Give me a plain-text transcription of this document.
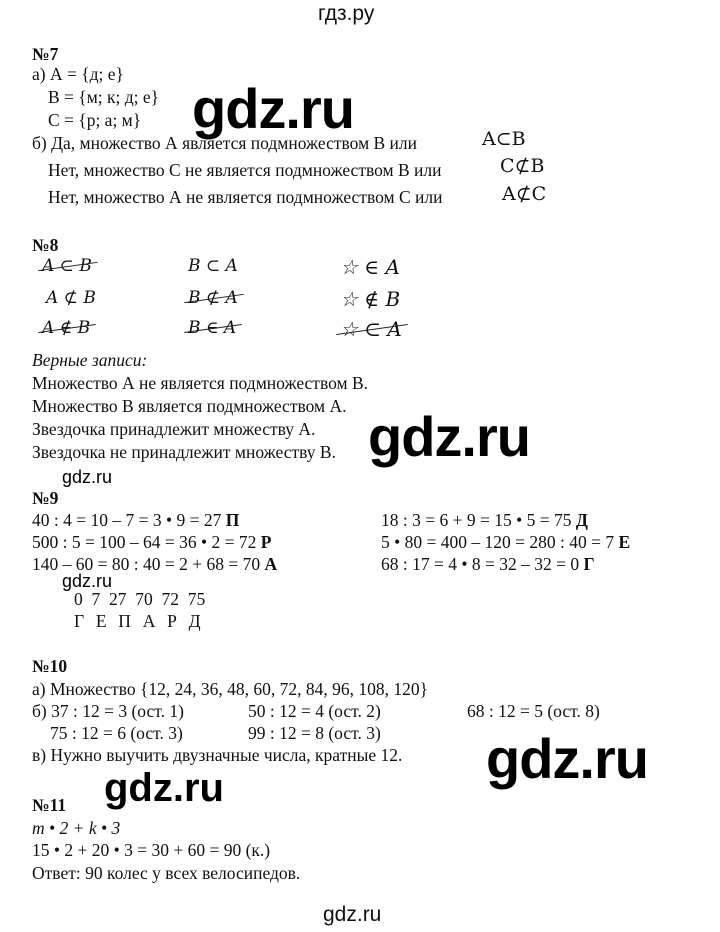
гдз.ру
№7
а) А = {д; е}
В = {м; к; д; е}
С = {р; а; м}
б) Да, множество А является подмножеством В или	A⊂B
Нет, множество С не является подмножеством В или	C⊄B
Нет, множество А не является подмножеством С или	A⊄C
gdz.ru
№8
A ⊂ B	B ⊂ A	☆ ∈ A
A ⊄ B	B ⊄ A	☆ ∉ B
A ∉ B	B ∈ A	☆ ⊂ A
Верные записи:
Множество А не является подмножеством В.
Множество В является подмножеством А.
Звездочка принадлежит множеству А.
Звездочка не принадлежит множеству В. gdz.ru
gdz.ru
№9
40 : 4 = 10 – 7 = 3 • 9 = 27 П
500 : 5 = 100 – 64 = 36 • 2 = 72 Р
140 – 60 = 80 : 40 = 2 + 68 = 70 А
18 : 3 = 6 + 9 = 15 • 5 = 75 Д
5 • 80 = 400 – 120 = 280 : 40 = 7 Е
68 : 17 = 4 • 8 = 32 – 32 = 0 Г
gdz.ru
0  7  27  70  72  75
Г  Е  П  А  Р  Д
№10
а) Множество {12, 24, 36, 48, 60, 72, 84, 96, 108, 120}
б) 37 : 12 = 3 (ост. 1)	50 : 12 = 4 (ост. 2)	68 : 12 = 5 (ост. 8)
75 : 12 = 6 (ост. 3)	99 : 12 = 8 (ост. 3)
в) Нужно выучить двузначные числа, кратные 12. gdz.ru
gdz.ru
№11
m • 2 + k • 3
15 • 2 + 20 • 3 = 30 + 60 = 90 (к.)
Ответ: 90 колес у всех велосипедов.
gdz.ru
